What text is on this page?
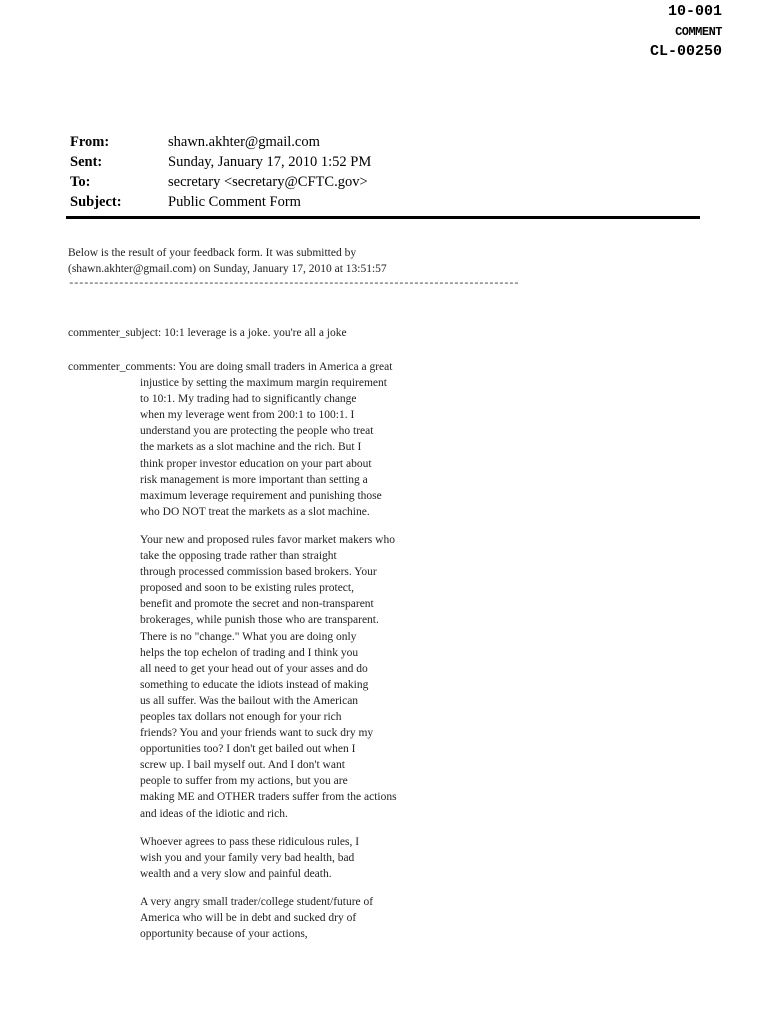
10-001
COMMENT
CL-00250
From:	shawn.akhter@gmail.com
Sent:	Sunday, January 17, 2010 1:52 PM
To:	secretary <secretary@CFTC.gov>
Subject:	Public Comment Form
Below is the result of your feedback form. It was submitted by
(shawn.akhter@gmail.com) on Sunday, January 17, 2010 at 13:51:57
------------------------------------------------------------------------------------------
commenter_subject: 10:1 leverage is a joke. you're all a joke
commenter_comments: You are doing small traders in America a great
injustice by setting the maximum margin requirement
to 10:1. My trading had to significantly change
when my leverage went from 200:1 to 100:1. I
understand you are protecting the people who treat
the markets as a slot machine and the rich. But I
think proper investor education on your part about
risk management is more important than setting a
maximum leverage requirement and punishing those
who DO NOT treat the markets as a slot machine.
Your new and proposed rules favor market makers who
take the opposing trade rather than straight
through processed commission based brokers. Your
proposed and soon to be existing rules protect,
benefit and promote the secret and non-transparent
brokerages, while punish those who are transparent.
There is no "change." What you are doing only
helps the top echelon of trading and I think you
all need to get your head out of your asses and do
something to educate the idiots instead of making
us all suffer. Was the bailout with the American
peoples tax dollars not enough for your rich
friends? You and your friends want to suck dry my
opportunities too? I don't get bailed out when I
screw up. I bail myself out. And I don't want
people to suffer from my actions, but you are
making ME and OTHER traders suffer from the actions
and ideas of the idiotic and rich.
Whoever agrees to pass these ridiculous rules, I
wish you and your family very bad health, bad
wealth and a very slow and painful death.
A very angry small trader/college student/future of
America who will be in debt and sucked dry of
opportunity because of your actions,
